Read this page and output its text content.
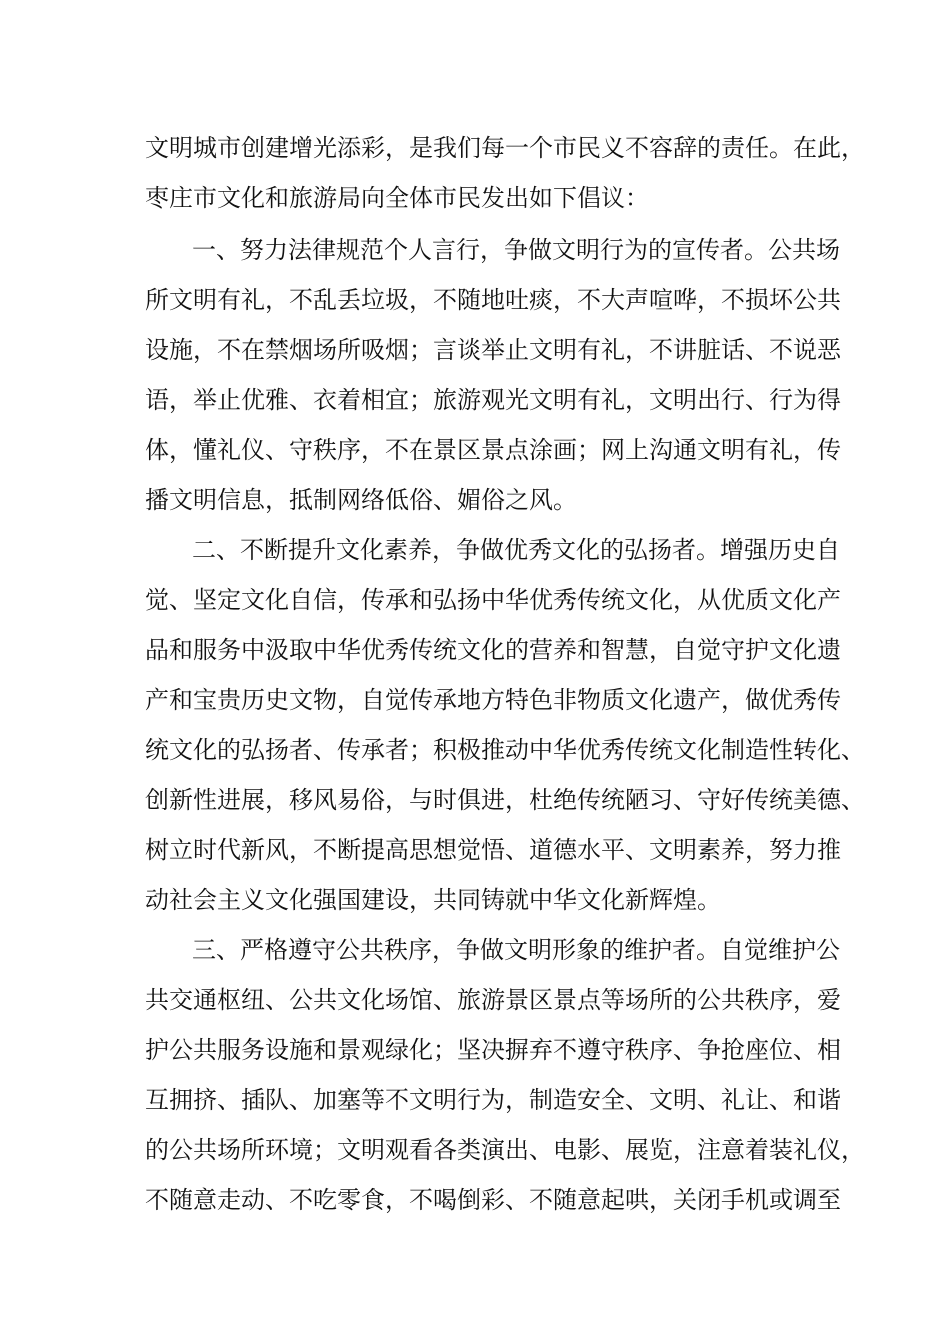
文明城市创建增光添彩，是我们每一个市民义不容辞的责任。在此，

枣庄市文化和旅游局向全体市民发出如下倡议：

一、努力法律规范个人言行，争做文明行为的宣传者。公共场

所文明有礼，不乱丢垃圾，不随地吐痰，不大声喧哗，不损坏公共

设施，不在禁烟场所吸烟；言谈举止文明有礼，不讲脏话、不说恶

语，举止优雅、衣着相宜；旅游观光文明有礼，文明出行、行为得

体，懂礼仪、守秩序，不在景区景点涂画；网上沟通文明有礼，传

播文明信息，抵制网络低俗、媚俗之风。

二、不断提升文化素养，争做优秀文化的弘扬者。增强历史自

觉、坚定文化自信，传承和弘扬中华优秀传统文化，从优质文化产

品和服务中汲取中华优秀传统文化的营养和智慧，自觉守护文化遗

产和宝贵历史文物，自觉传承地方特色非物质文化遗产，做优秀传

统文化的弘扬者、传承者；积极推动中华优秀传统文化制造性转化、

创新性进展，移风易俗，与时俱进，杜绝传统陋习、守好传统美德、

树立时代新风，不断提高思想觉悟、道德水平、文明素养，努力推

动社会主义文化强国建设，共同铸就中华文化新辉煌。

三、严格遵守公共秩序，争做文明形象的维护者。自觉维护公

共交通枢纽、公共文化场馆、旅游景区景点等场所的公共秩序，爱

护公共服务设施和景观绿化；坚决摒弃不遵守秩序、争抢座位、相

互拥挤、插队、加塞等不文明行为，制造安全、文明、礼让、和谐

的公共场所环境；文明观看各类演出、电影、展览，注意着装礼仪，

不随意走动、不吃零食，不喝倒彩、不随意起哄，关闭手机或调至
